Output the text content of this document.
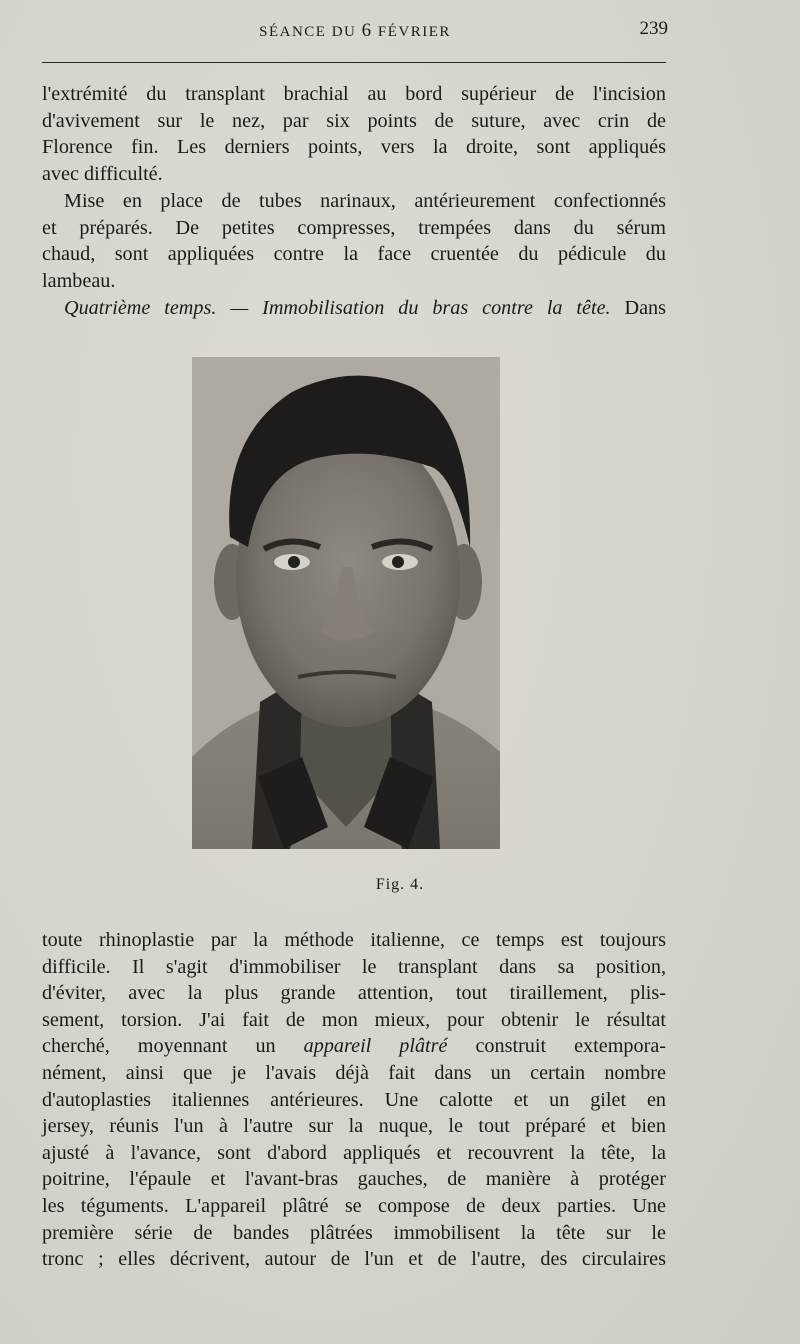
SÉANCE DU 6 FÉVRIER	239

l'extrémité du transplant brachial au bord supérieur de l'incision
d'avivement sur le nez, par six points de suture, avec crin de
Florence fin. Les derniers points, vers la droite, sont appliqués
avec difficulté.

Mise en place de tubes narinaux, antérieurement confectionnés
et préparés. De petites compresses, trempées dans du sérum
chaud, sont appliquées contre la face cruentée du pédicule du
lambeau.

Quatrième temps. — Immobilisation du bras contre la tête. Dans

Fig. 4.

toute rhinoplastie par la méthode italienne, ce temps est toujours
difficile. Il s'agit d'immobiliser le transplant dans sa position,
d'éviter, avec la plus grande attention, tout tiraillement, plis-
sement, torsion. J'ai fait de mon mieux, pour obtenir le résultat
cherché, moyennant un appareil plâtré construit extempora-
nément, ainsi que je l'avais déjà fait dans un certain nombre
d'autoplasties italiennes antérieures. Une calotte et un gilet en
jersey, réunis l'un à l'autre sur la nuque, le tout préparé et bien
ajusté à l'avance, sont d'abord appliqués et recouvrent la tête, la
poitrine, l'épaule et l'avant-bras gauches, de manière à protéger
les téguments. L'appareil plâtré se compose de deux parties. Une
première série de bandes plâtrées immobilisent la tête sur le
tronc ; elles décrivent, autour de l'un et de l'autre, des circulaires
